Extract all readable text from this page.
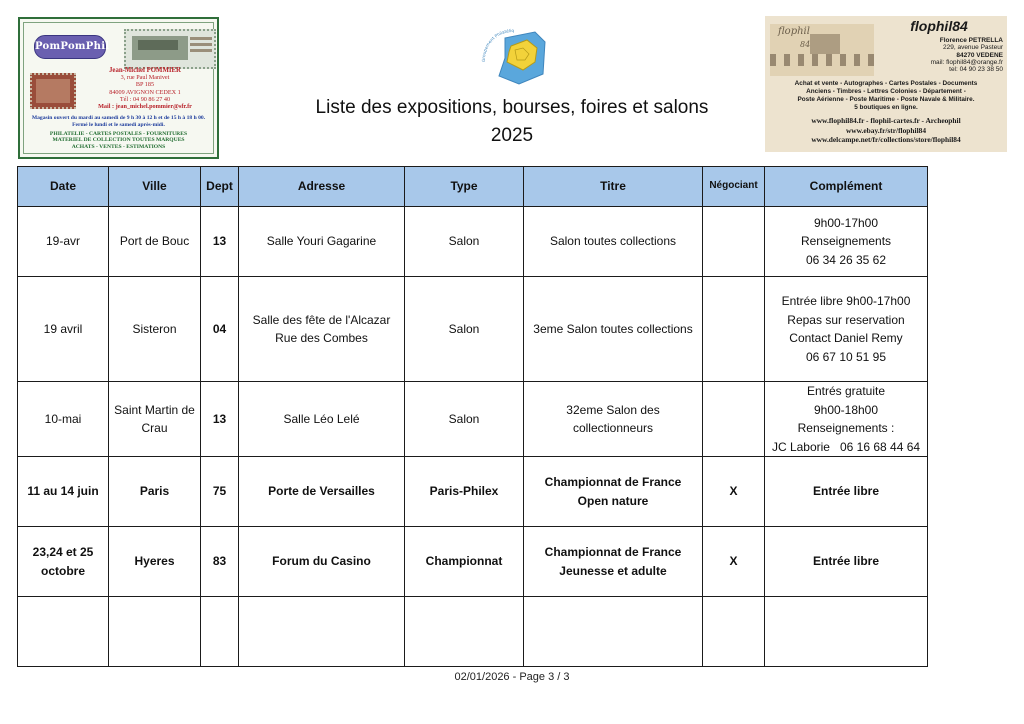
PomPomPhil
Jean-Michel POMMIER
3, rue Paul Manivet
BP 185
84009 AVIGNON CEDEX 1
Tél : 04 90 86 27 40
Mail : jean_michel.pommier@sfr.fr
Magasin ouvert du mardi au samedi de 9 h 30 à 12 h et de 15 h à 18 h 00.
Fermé le lundi et le samedi après-midi.
PHILATELIE - CARTES POSTALES - FOURNITURES
MATERIEL DE COLLECTION TOUTES MARQUES
ACHATS - VENTES - ESTIMATIONS
Groupement Philatéliq
Liste des expositions, bourses, foires et salons
2025
flophil
84
flophil84
Florence PETRELLA
229, avenue Pasteur
84270 VEDENE
mail: flophil84@orange.fr
tel: 04 90 23 38 50
Achat et vente - Autographes - Cartes Postales - Documents
Anciens - Timbres - Lettres Colonies - Département -
Poste Aérienne - Poste Maritime - Poste Navale & Militaire.
5 boutiques en ligne.
www.flophil84.fr - flophil-cartes.fr - Archeophil
www.ebay.fr/str/flophil84
www.delcampe.net/fr/collections/store/flophil84
Date	Ville	Dept	Adresse	Type	Titre	Négociant	Complément
19-avr	Port de Bouc	13	Salle Youri Gagarine	Salon	Salon toutes collections		9h00-17h00
Renseignements
06 34 26 35 62

19 avril	Sisteron	04	Salle des fête de l'Alcazar
Rue des Combes	Salon	3eme Salon toutes collections		Entrée libre 9h00-17h00
Repas sur reservation
Contact Daniel Remy
06 67 10 51 95

10-mai	Saint Martin de
Crau	13	Salle Léo Lelé	Salon	32eme Salon des
collectionneurs		Entrés gratuite
9h00-18h00
Renseignements :
JC Laborie   06 16 68 44 64

11 au 14 juin	Paris	75	Porte de Versailles	Paris-Philex	Championnat de France
Open nature	X	Entrée libre

23,24 et 25
octobre	Hyeres	83	Forum du Casino	Championnat	Championnat de France
Jeunesse et adulte	X	Entrée libre

02/01/2026 - Page 3 / 3
